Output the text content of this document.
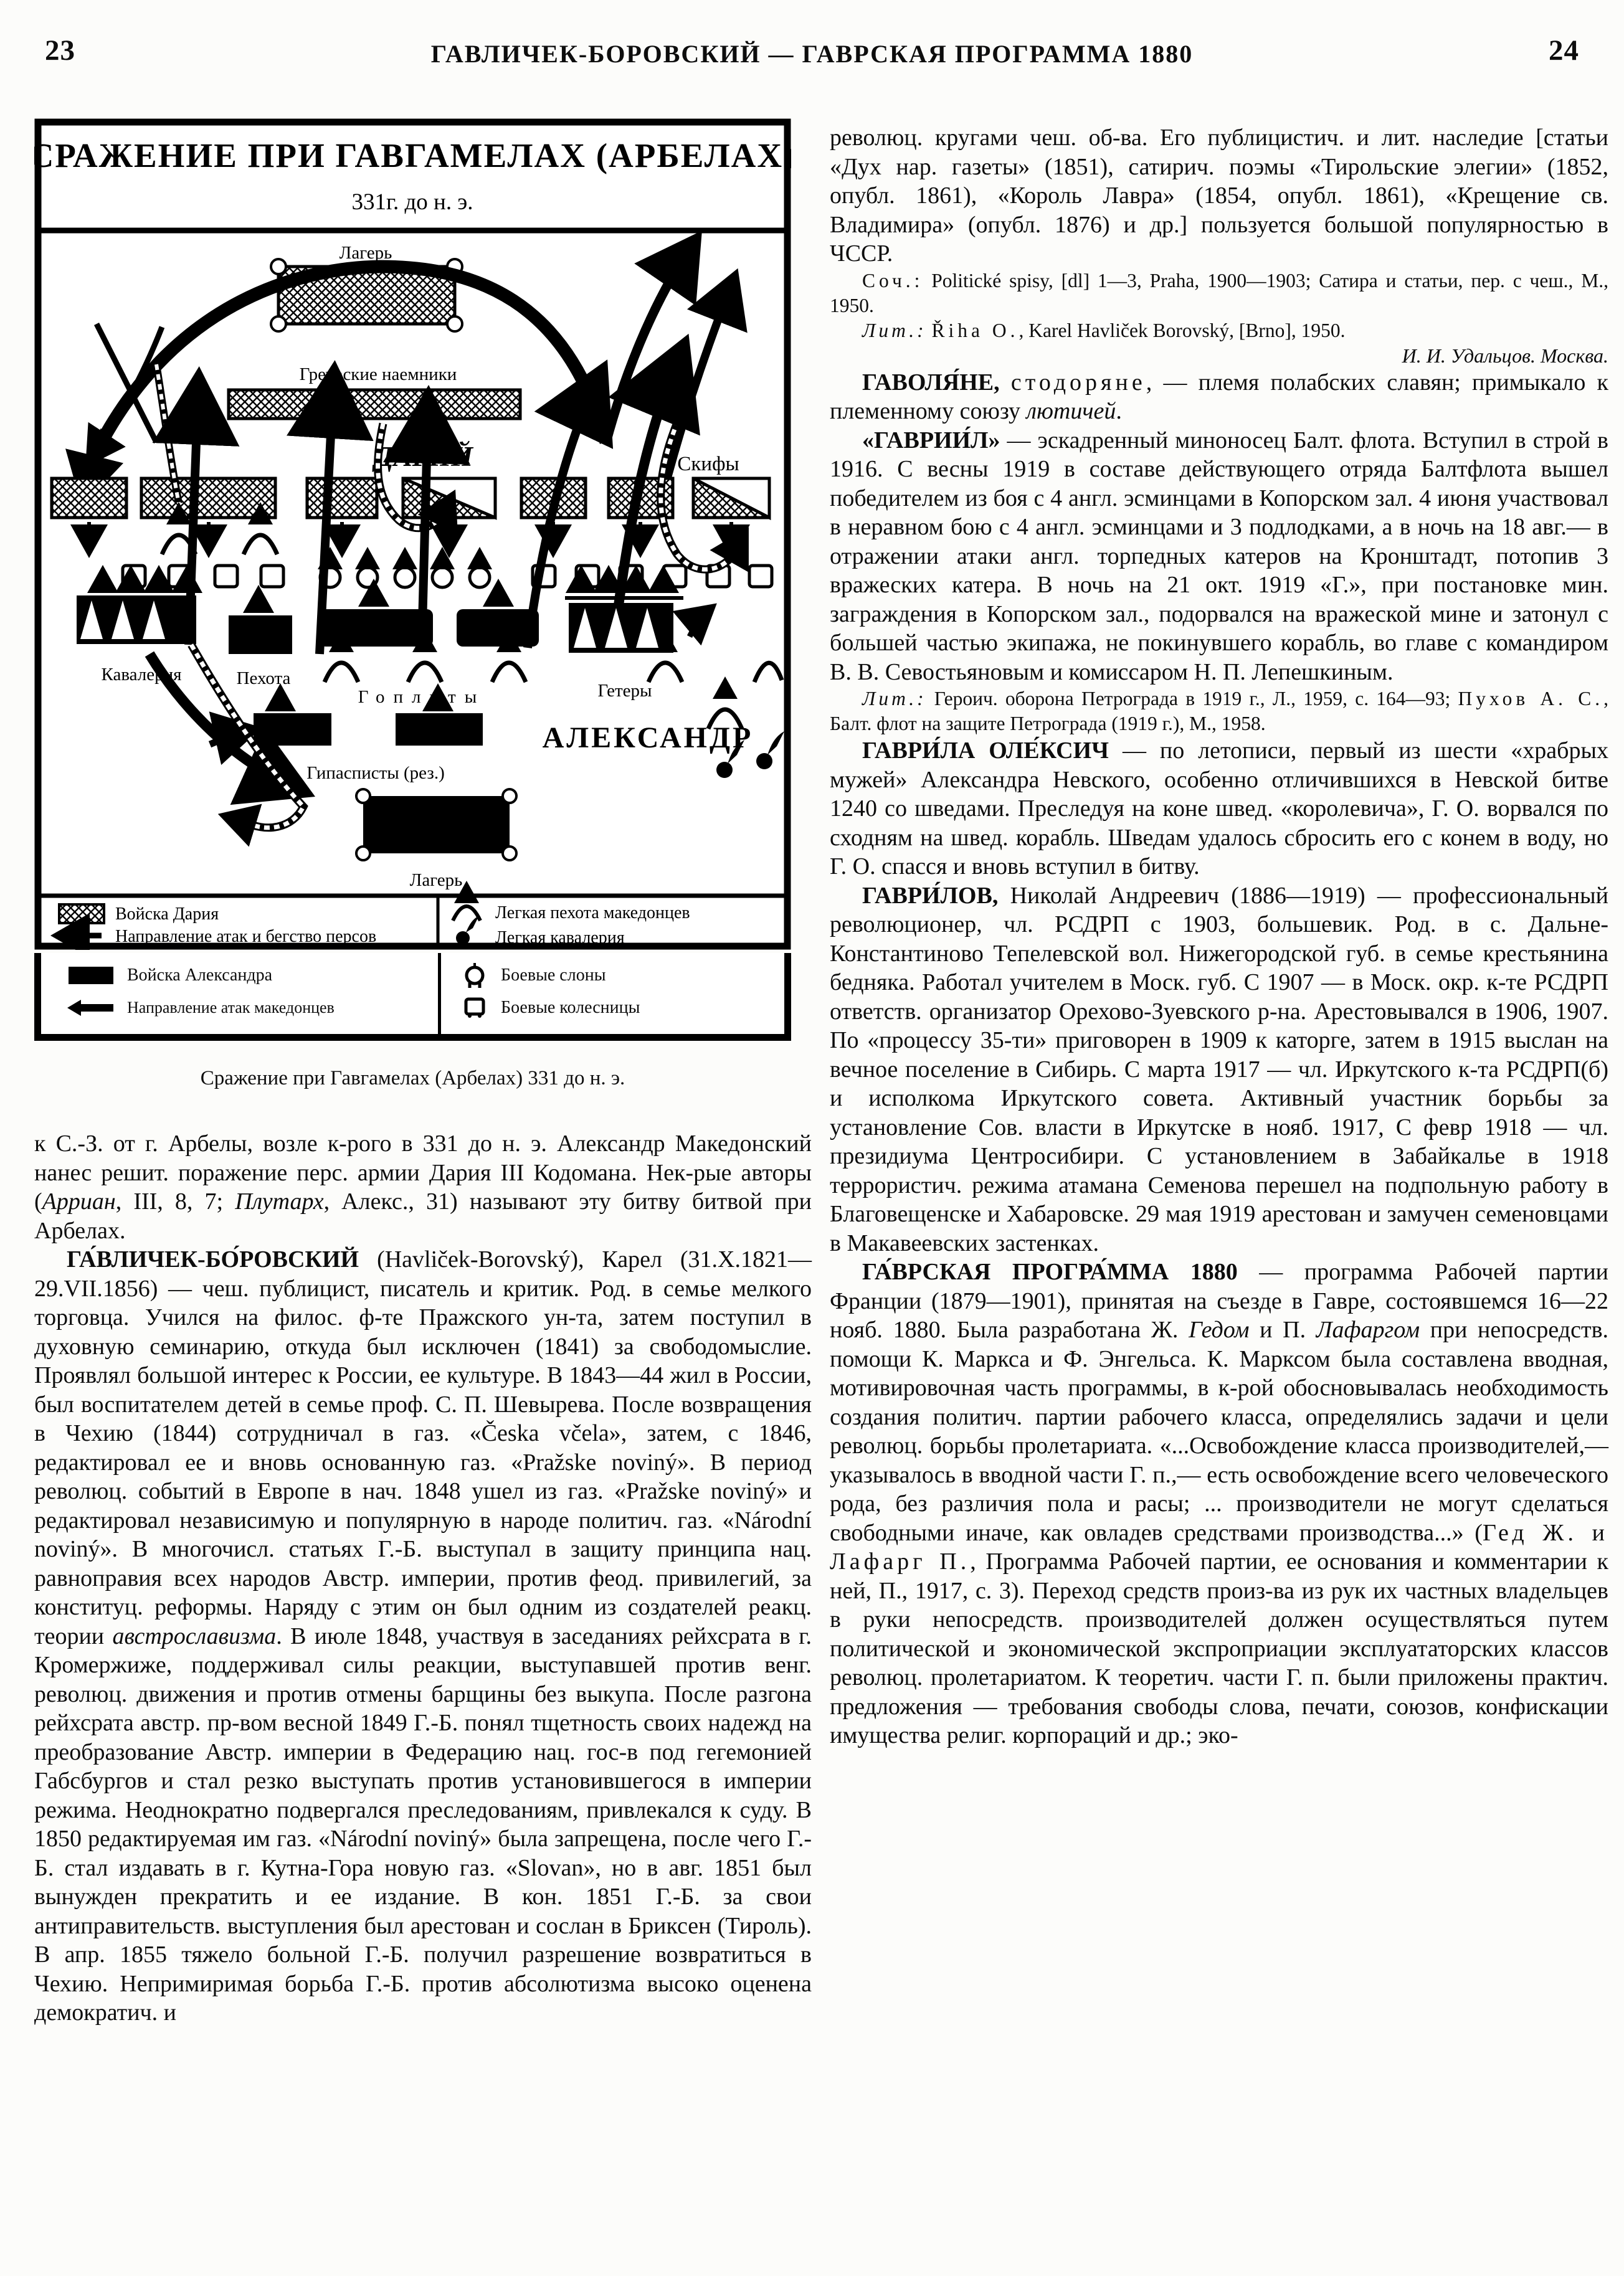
23	ГАВЛИЧЕК-БОРОВСКИЙ — ГАВРСКАЯ ПРОГРАММА 1880	24
СРАЖЕНИЕ ПРИ ГАВГАМЕЛАХ (АРБЕЛАХ)
331г. до н. э.
Лагерь
Греческие наемники
ДАРИЙ	Скифы
Кавалерия	Пехота
Гоплиты	Гетеры
Гипасписты (рез.)
АЛЕКСАНДР
Лагерь
Войска Дария
Направление атак и бегство персов
Легкая пехота македонцев
Легкая кавалерия
Войска Александра
Направление атак македонцев
Боевые слоны
Боевые колесницы
Сражение при Гавгамелах (Арбелах) 331 до н. э.

к С.-З. от г. Арбелы, возле к-рого в 331 до н. э. Александр Македонский нанес решит. поражение перс. армии Дария III Кодомана. Нек-рые авторы (Арриан, III, 8, 7; Плутарх, Алекс., 31) называют эту битву битвой при Арбелах.

ГА́ВЛИЧЕК-БО́РОВСКИЙ (Havliček-Borovský), Карел (31.X.1821—29.VII.1856) — чеш. публицист, писатель и критик. Род. в семье мелкого торговца. Учился на филос. ф-те Пражского ун-та, затем поступил в духовную семинарию, откуда был исключен (1841) за свободомыслие. Проявлял большой интерес к России, ее культуре. В 1843—44 жил в России, был воспитателем детей в семье проф. С. П. Шевырева. После возвращения в Чехию (1844) сотрудничал в газ. «Česka včela», затем, с 1846, редактировал ее и вновь основанную газ. «Pražske noviný». В период революц. событий в Европе в нач. 1848 ушел из газ. «Pražske noviný» и редактировал независимую и популярную в народе политич. газ. «Národní noviný». В многочисл. статьях Г.-Б. выступал в защиту принципа нац. равноправия всех народов Австр. империи, против феод. привилегий, за конституц. реформы. Наряду с этим он был одним из создателей реакц. теории австрославизма. В июле 1848, участвуя в заседаниях рейхсрата в г. Кромержиже, поддерживал силы реакции, выступавшей против венг. революц. движения и против отмены барщины без выкупа. После разгона рейхсрата австр. пр-вом весной 1849 Г.-Б. понял тщетность своих надежд на преобразование Австр. империи в Федерацию нац. гос-в под гегемонией Габсбургов и стал резко выступать против установившегося в империи режима. Неоднократно подвергался преследованиям, привлекался к суду. В 1850 редактируемая им газ. «Národní noviný» была запрещена, после чего Г.-Б. стал издавать в г. Кутна-Гора новую газ. «Slovan», но в авг. 1851 был вынужден прекратить и ее издание. В кон. 1851 Г.-Б. за свои антиправительств. выступления был арестован и сослан в Бриксен (Тироль). В апр. 1855 тяжело больной Г.-Б. получил разрешение возвратиться в Чехию. Непримиримая борьба Г.-Б. против абсолютизма высоко оценена демократич. и

революц. кругами чеш. об-ва. Его публицистич. и лит. наследие [статьи «Дух нар. газеты» (1851), сатирич. поэмы «Тирольские элегии» (1852, опубл. 1861), «Король Лавра» (1854, опубл. 1861), «Крещение св. Владимира» (опубл. 1876) и др.] пользуется большой популярностью в ЧССР.

Соч.: Politické spisy, [dl] 1—3, Praha, 1900—1903; Сатира и статьи, пер. с чеш., М., 1950.

Лит.: Řiha O., Karel Havliček Borovský, [Brno], 1950.

И. И. Удальцов. Москва.

ГАВОЛЯ́НЕ, стодоряне, — племя полабских славян; примыкало к племенному союзу лютичей.

«ГАВРИИ́Л» — эскадренный миноносец Балт. флота. Вступил в строй в 1916. С весны 1919 в составе действующего отряда Балтфлота вышел победителем из боя с 4 англ. эсминцами в Копорском зал. 4 июня участвовал в неравном бою с 4 англ. эсминцами и 3 подлодками, а в ночь на 18 авг.— в отражении атаки англ. торпедных катеров на Кронштадт, потопив 3 вражеских катера. В ночь на 21 окт. 1919 «Г.», при постановке мин. заграждения в Копорском зал., подорвался на вражеской мине и затонул с большей частью экипажа, не покинувшего корабль, во главе с командиром В. В. Севостьяновым и комиссаром Н. П. Лепешкиным.

Лит.: Героич. оборона Петрограда в 1919 г., Л., 1959, с. 164—93; Пухов А. С., Балт. флот на защите Петрограда (1919 г.), М., 1958.

ГАВРИ́ЛА ОЛЕ́КСИЧ — по летописи, первый из шести «храбрых мужей» Александра Невского, особенно отличившихся в Невской битве 1240 со шведами. Преследуя на коне швед. «королевича», Г. О. ворвался по сходням на швед. корабль. Шведам удалось сбросить его с конем в воду, но Г. О. спасся и вновь вступил в битву.

ГАВРИ́ЛОВ, Николай Андреевич (1886—1919) — профессиональный революционер, чл. РСДРП с 1903, большевик. Род. в с. Дальне-Константиново Тепелевской вол. Нижегородской губ. в семье крестьянина бедняка. Работал учителем в Моск. губ. С 1907 — в Моск. окр. к-те РСДРП ответств. организатор Орехово-Зуевского р-на. Арестовывался в 1906, 1907. По «процессу 35-ти» приговорен в 1909 к каторге, затем в 1915 выслан на вечное поселение в Сибирь. С марта 1917 — чл. Иркутского к-та РСДРП(б) и исполкома Иркутского совета. Активный участник борьбы за установление Сов. власти в Иркутске в нояб. 1917, С февр 1918 — чл. президиума Центросибири. С установлением в Забайкалье в 1918 террористич. режима атамана Семенова перешел на подпольную работу в Благовещенске и Хабаровске. 29 мая 1919 арестован и замучен семеновцами в Макавеевских застенках.

ГА́ВРСКАЯ ПРОГРА́ММА 1880 — программа Рабочей партии Франции (1879—1901), принятая на съезде в Гавре, состоявшемся 16—22 нояб. 1880. Была разработана Ж. Гедом и П. Лафаргом при непосредств. помощи К. Маркса и Ф. Энгельса. К. Марксом была составлена вводная, мотивировочная часть программы, в к-рой обосновывалась необходимость создания политич. партии рабочего класса, определялись задачи и цели революц. борьбы пролетариата. «...Освобождение класса производителей,— указывалось в вводной части Г. п.,— есть освобождение всего человеческого рода, без различия пола и расы; ... производители не могут сделаться свободными иначе, как овладев средствами производства...» (Гед Ж. и Лафарг П., Программа Рабочей партии, ее основания и комментарии к ней, П., 1917, с. 3). Переход средств произ-ва из рук их частных владельцев в руки непосредств. производителей должен осуществляться путем политической и экономической экспроприации эксплуататорских классов революц. пролетариатом. К теоретич. части Г. п. были приложены практич. предложения — требования свободы слова, печати, союзов, конфискации имущества религ. корпораций и др.; эко-
